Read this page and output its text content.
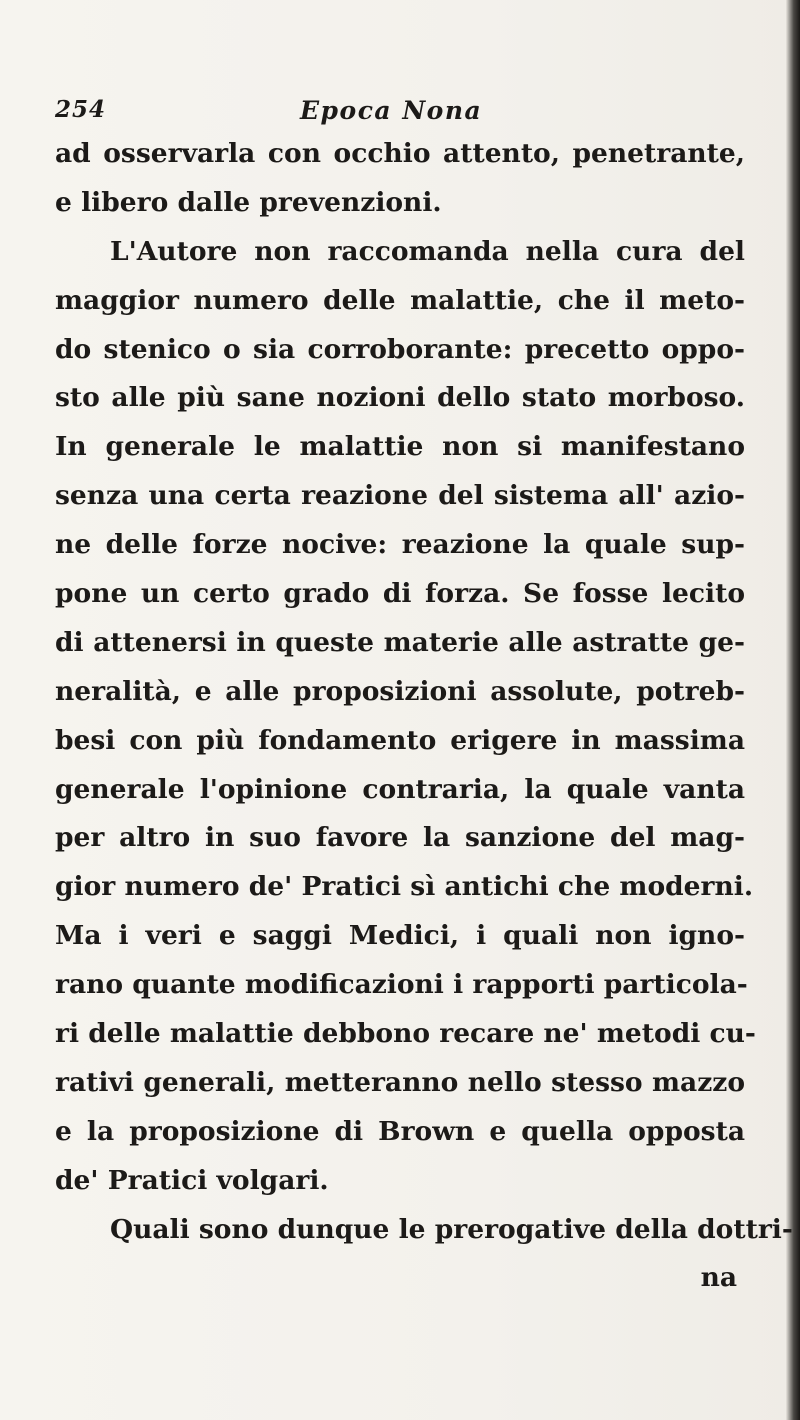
254	Epoca Nona
ad osservarla con occhio attento, penetrante,
e libero dalle prevenzioni.
L'Autore non raccomanda nella cura del
maggior numero delle malattie, che il meto-
do stenico o sia corroborante: precetto oppo-
sto alle più sane nozioni dello stato morboso.
In generale le malattie non si manifestano
senza una certa reazione del sistema all' azio-
ne delle forze nocive: reazione la quale sup-
pone un certo grado di forza. Se fosse lecito
di attenersi in queste materie alle astratte ge-
neralità, e alle proposizioni assolute, potreb-
besi con più fondamento erigere in massima
generale l'opinione contraria, la quale vanta
per altro in suo favore la sanzione del mag-
gior numero de' Pratici sì antichi che moderni.
Ma i veri e saggi Medici, i quali non igno-
rano quante modificazioni i rapporti particola-
ri delle malattie debbono recare ne' metodi cu-
rativi generali, metteranno nello stesso mazzo
e la proposizione di Brown e quella opposta
de' Pratici volgari.
Quali sono dunque le prerogative della dottri-
na
